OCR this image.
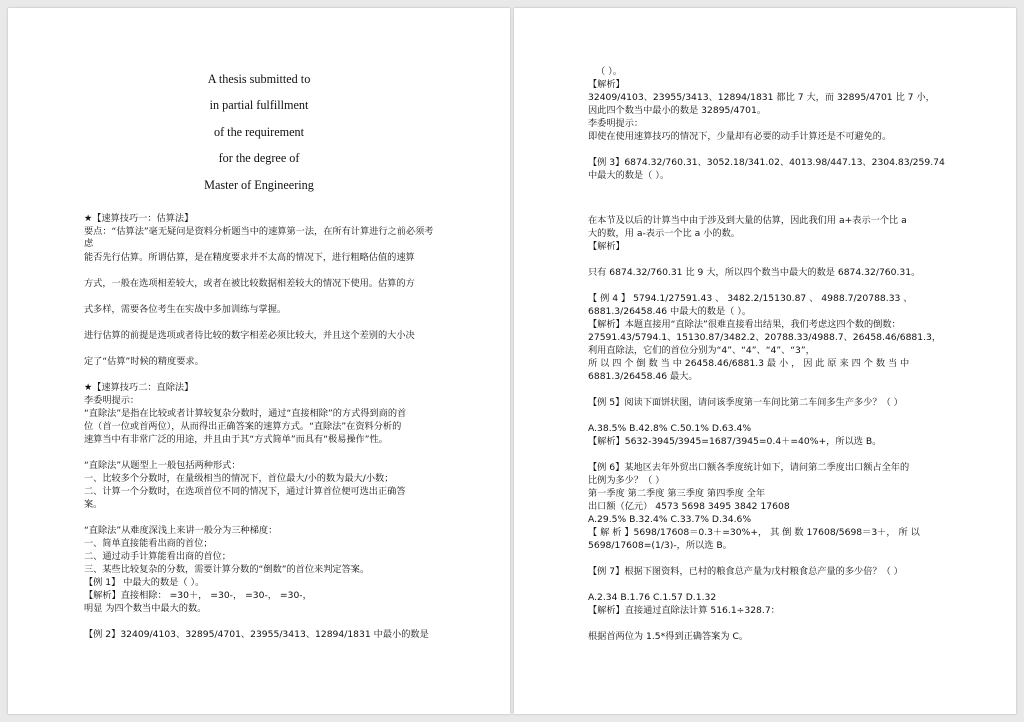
A thesis submitted to
in partial fulfillment
of the requirement
for the degree of
Master of Engineering
★【速算技巧一：估算法】
要点：“估算法”毫无疑问是资料分析题当中的速算第一法，在所有计算进行之前必须考虑
能否先行估算。所谓估算，是在精度要求并不太高的情况下，进行粗略估值的速算
方式，一般在选项相差较大，或者在被比较数据相差较大的情况下使用。估算的方
式多样，需要各位考生在实战中多加训练与掌握。
进行估算的前提是选项或者待比较的数字相差必须比较大，并且这个差别的大小决
定了“估算”时候的精度要求。
★【速算技巧二：直除法】
李委明提示：
“直除法”是指在比较或者计算较复杂分数时，通过“直接相除”的方式得到商的首
位（首一位或首两位），从而得出正确答案的速算方式。“直除法”在资料分析的
速算当中有非常广泛的用途，并且由于其“方式简单”而具有“极易操作”性。
“直除法”从题型上一般包括两种形式：
一、比较多个分数时，在量级相当的情况下，首位最大/小的数为最大/小数；
二、计算一个分数时，在选项首位不同的情况下，通过计算首位便可选出正确答
案。
“直除法”从难度深浅上来讲一般分为三种梯度：
一、简单直接能看出商的首位；
二、通过动手计算能看出商的首位；
三、某些比较复杂的分数，需要计算分数的“倒数”的首位来判定答案。
【例 1】 中最大的数是（ ）。
【解析】直接相除： =30＋， =30-， =30-， =30-，
明显 为四个数当中最大的数。
【例 2】32409/4103、32895/4701、23955/3413、12894/1831 中最小的数是
（ ）。
【解析】
32409/4103、23955/3413、12894/1831 都比 7 大，而 32895/4701 比 7 小，
因此四个数当中最小的数是 32895/4701。
李委明提示：
即使在使用速算技巧的情况下，少量却有必要的动手计算还是不可避免的。
【例 3】6874.32/760.31、3052.18/341.02、4013.98/447.13、2304.83/259.74
中最大的数是（ ）。
在本节及以后的计算当中由于涉及到大量的估算，因此我们用 a+表示一个比 a
大的数，用 a-表示一个比 a 小的数。
【解析】
只有 6874.32/760.31 比 9 大，所以四个数当中最大的数是 6874.32/760.31。
【 例 4 】 5794.1/27591.43 、 3482.2/15130.87 、 4988.7/20788.33 、
6881.3/26458.46 中最大的数是（ ）。
【解析】本题直接用“直除法”很难直接看出结果，我们考虑这四个数的倒数：
27591.43/5794.1、15130.87/3482.2、20788.33/4988.7、26458.46/6881.3，
利用直除法，它们的首位分别为“4”、“4”、“4”、“3”，
所 以 四 个 倒 数 当 中 26458.46/6881.3 最 小 ， 因 此 原 来 四 个 数 当 中
6881.3/26458.46 最大。
【例 5】阅读下面饼状图，请问该季度第一车间比第二车间多生产多少？（ ）
A.38.5% B.42.8% C.50.1% D.63.4%
【解析】5632-3945/3945=1687/3945=0.4＋=40%+，所以选 B。
【例 6】某地区去年外贸出口额各季度统计如下，请问第二季度出口额占全年的
比例为多少？（ ）
第一季度 第二季度 第三季度 第四季度 全年
出口额（亿元） 4573 5698 3495 3842 17608
A.29.5% B.32.4% C.33.7% D.34.6%
【 解 析 】5698/17608＝0.3＋=30%+， 其 倒 数 17608/5698＝3＋， 所 以
5698/17608=(1/3)-，所以选 B。
【例 7】根据下图资料，已村的粮食总产量为戊村粮食总产量的多少倍？（ ）
A.2.34 B.1.76 C.1.57 D.1.32
【解析】直接通过直除法计算 516.1÷328.7：
根据首两位为 1.5*得到正确答案为 C。
